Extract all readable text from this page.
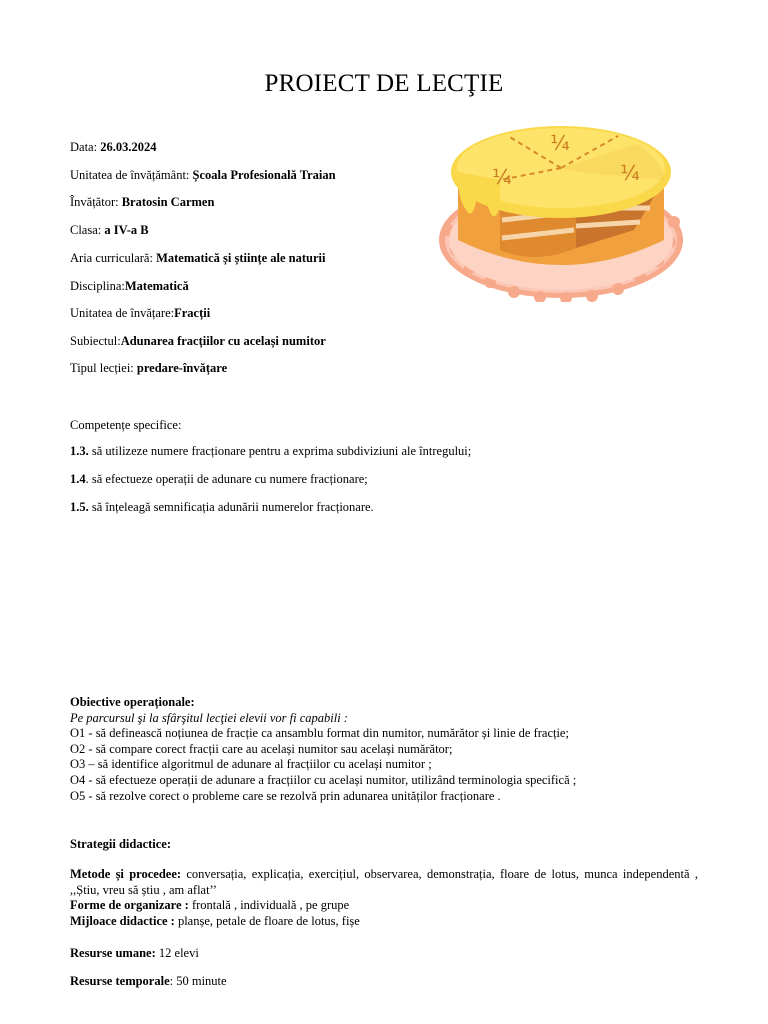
PROIECT DE LECŢIE
Data: 26.03.2024
Unitatea de învățământ: Școala Profesională Traian
Învățător: Bratosin Carmen
Clasa: a IV-a B
Aria curriculară: Matematică și științe ale naturii
Disciplina:Matematică
Unitatea de învățare:Fracții
Subiectul:Adunarea fracțiilor cu același numitor
Tipul lecției: predare-învățare
¼
¼	¼
Competențe specifice:
1.3. să utilizeze numere fracționare pentru a exprima subdiviziuni ale întregului;
1.4. să efectueze operații de adunare cu numere fracționare;
1.5. să înțeleagă semnificația adunării numerelor fracționare.
Obiective operaționale:
Pe parcursul şi la sfârşitul lecţiei elevii vor fi capabili :
O1 - să definească noțiunea de fracție ca ansamblu format din numitor, numărător și linie de fracție;
O2 - să compare corect fracții care au același numitor sau același numărător;
O3 – să identifice algoritmul de adunare al fracțiilor cu același numitor ;
O4 - să efectueze operații de adunare a fracțiilor cu același numitor, utilizând terminologia specifică ;
O5 - să rezolve corect o probleme care se rezolvă prin adunarea unităților fracționare .
Strategii didactice:
Metode și procedee: conversația, explicația, exercițiul, observarea, demonstrația, floare de lotus, munca independentă , ,,Știu, vreu să știu , am aflat’’
Forme de organizare : frontală , individuală , pe grupe
Mijloace didactice : planșe, petale de floare de lotus, fișe
Resurse umane: 12 elevi
Resurse temporale: 50 minute
